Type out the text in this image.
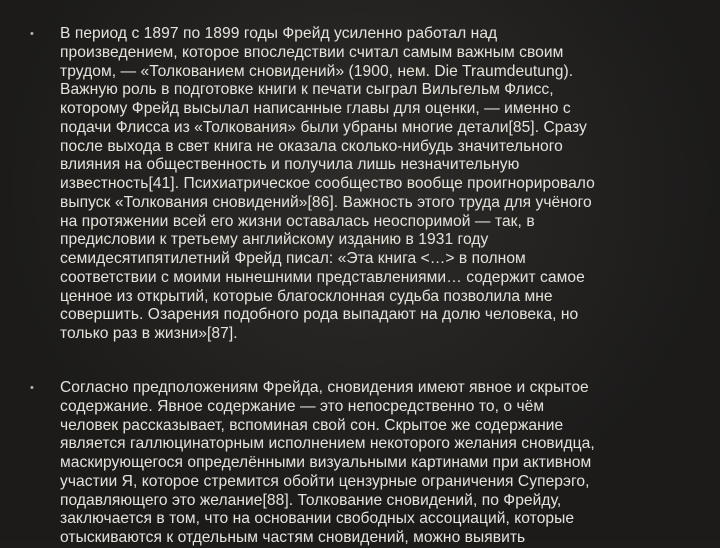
•	В период с 1897 по 1899 годы Фрейд усиленно работал над
произведением, которое впоследствии считал самым важным своим
трудом, — «Толкованием сновидений» (1900, нем. Die Traumdeutung).
Важную роль в подготовке книги к печати сыграл Вильгельм Флисс,
которому Фрейд высылал написанные главы для оценки, — именно с
подачи Флисса из «Толкования» были убраны многие детали[85]. Сразу
после выхода в свет книга не оказала сколько-нибудь значительного
влияния на общественность и получила лишь незначительную
известность[41]. Психиатрическое сообщество вообще проигнорировало
выпуск «Толкования сновидений»[86]. Важность этого труда для учёного
на протяжении всей его жизни оставалась неоспоримой — так, в
предисловии к третьему английскому изданию в 1931 году
семидесятипятилетний Фрейд писал: «Эта книга <…> в полном
соответствии с моими нынешними представлениями… содержит самое
ценное из открытий, которые благосклонная судьба позволила мне
совершить. Озарения подобного рода выпадают на долю человека, но
только раз в жизни»[87].
•	Согласно предположениям Фрейда, сновидения имеют явное и скрытое
содержание. Явное содержание — это непосредственно то, о чём
человек рассказывает, вспоминая свой сон. Скрытое же содержание
является галлюцинаторным исполнением некоторого желания сновидца,
маскирующегося определёнными визуальными картинами при активном
участии Я, которое стремится обойти цензурные ограничения Суперэго,
подавляющего это желание[88]. Толкование сновидений, по Фрейду,
заключается в том, что на основании свободных ассоциаций, которые
отыскиваются к отдельным частям сновидений, можно выявить
